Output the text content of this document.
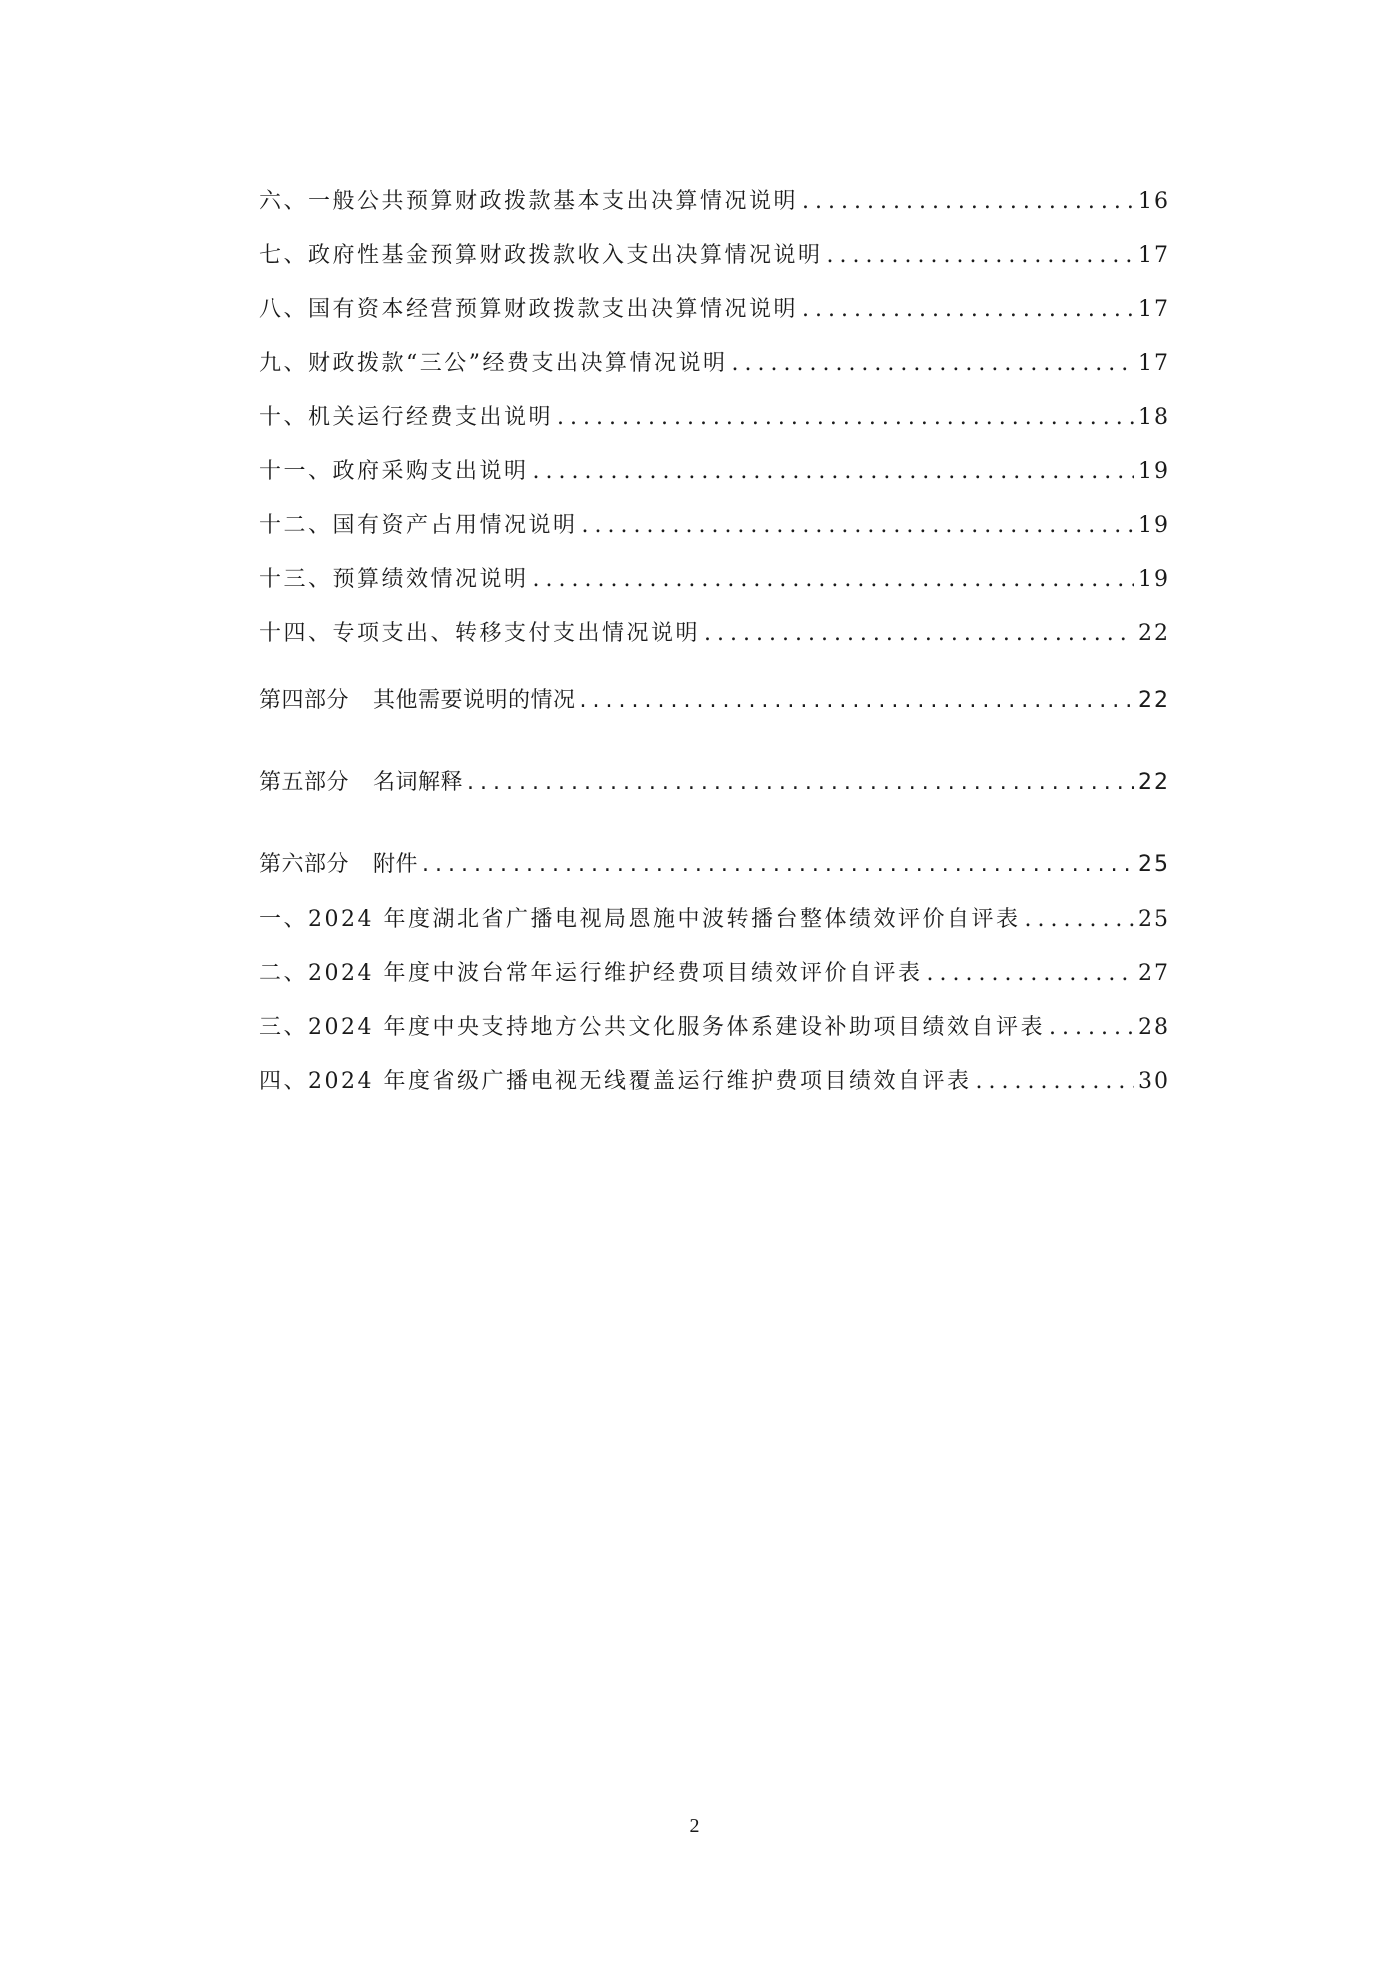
六、一般公共预算财政拨款基本支出决算情况说明 .....	16
七、政府性基金预算财政拨款收入支出决算情况说明 .....	17
八、国有资本经营预算财政拨款支出决算情况说明 .....	17
九、财政拨款“三公”经费支出决算情况说明 .....	17
十、机关运行经费支出说明 .....	18
十一、政府采购支出说明 .....	19
十二、国有资产占用情况说明 .....	19
十三、预算绩效情况说明 .....	19
十四、专项支出、转移支付支出情况说明 .....	22
第四部分 其他需要说明的情况 .....	22
第五部分 名词解释 .....	22
第六部分 附件 .....	25
一、2024 年度湖北省广播电视局恩施中波转播台整体绩效评价自评表 .....	25
二、2024 年度中波台常年运行维护经费项目绩效评价自评表 .....	27
三、2024 年度中央支持地方公共文化服务体系建设补助项目绩效自评表 .....	28
四、2024 年度省级广播电视无线覆盖运行维护费项目绩效自评表 .....	30
2
